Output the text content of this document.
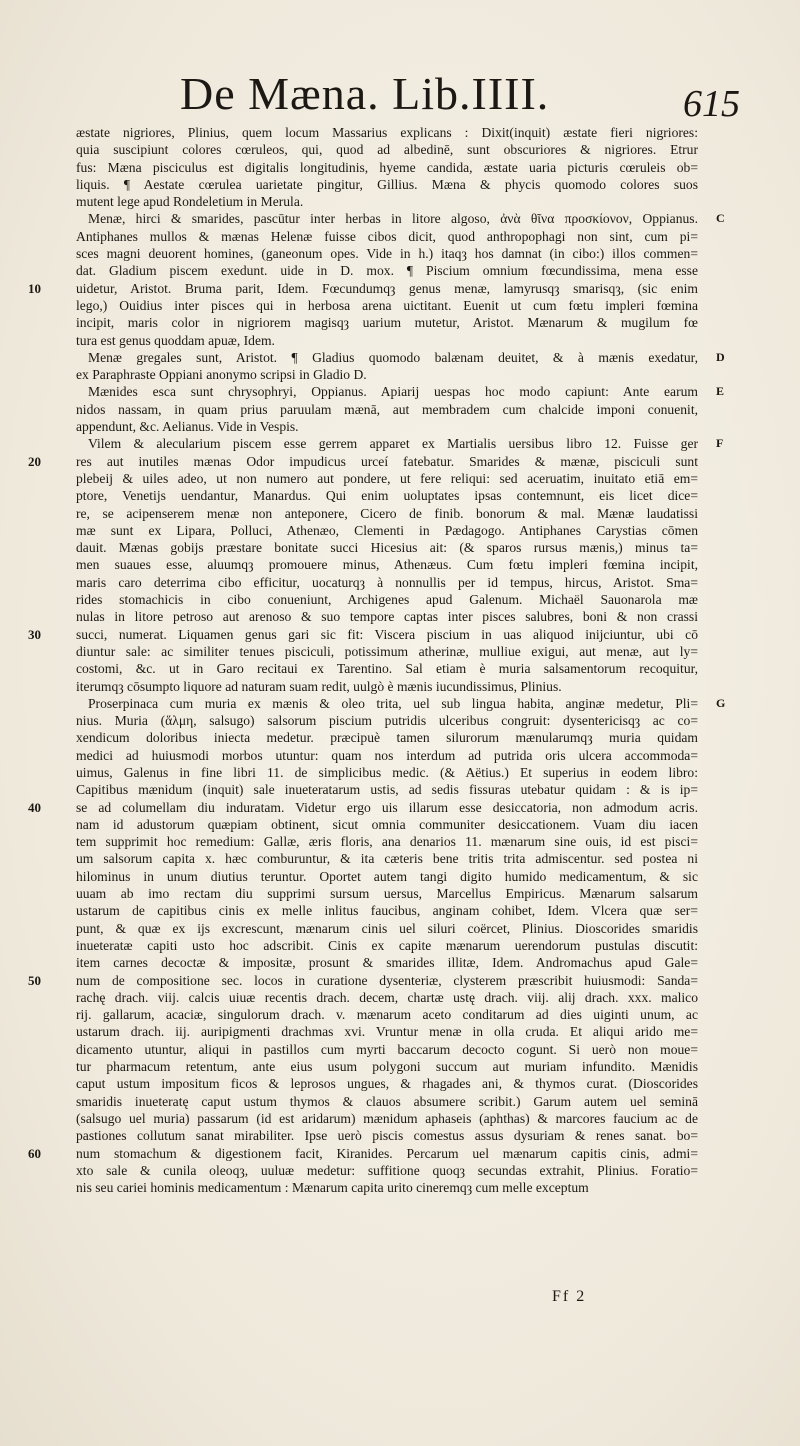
De Mæna. Lib.IIII.	615
æstate nigriores, Plinius, quem locum Massarius explicans : Dixit(inquit) æstate fieri nigriores:
quia suscipiunt colores cœruleos, qui, quod ad albedinē, sunt obscuriores & nigriores. Etrur
fus: Mæna pisciculus est digitalis longitudinis, hyeme candida, æstate uaria picturis cœruleis ob=
liquis. ¶ Aestate cœrulea uarietate pingitur, Gillius. Mæna & phycis quomodo colores suos
mutent lege apud Rondeletium in Merula.
Menæ, hirci & smarides, pascūtur inter herbas in litore algoso, ἀνὰ θῖνα προσκίονον, Oppianus. C
Antiphanes mullos & mænas Helenæ fuisse cibos dicit, quod anthropophagi non sint, cum pi=
sces magni deuorent homines, (ganeonum opes. Vide in h.) itaqȝ hos damnat (in cibo:) illos commen=
dat. Gladium piscem exedunt. uide in D. mox. ¶ Piscium omnium fœcundissima, mena esse
uidetur, Aristot. Bruma parit, Idem. Fœcundumqȝ genus menæ, lamyrusqȝ smarisqȝ, (sic enim
10
lego,) Ouidius inter pisces qui in herbosa arena uictitant. Euenit ut cum fœtu impleri fœmina
incipit, maris color in nigriorem magisqȝ uarium mutetur, Aristot. Mænarum & mugilum fœ
tura est genus quoddam apuæ, Idem.
Menæ gregales sunt, Aristot. ¶ Gladius quomodo balænam deuitet, & à mænis exedatur, D
ex Paraphraste Oppiani anonymo scripsi in Gladio D.
Mænides esca sunt chrysophryi, Oppianus. Apiarij uespas hoc modo capiunt: Ante earum E
nidos nassam, in quam prius paruulam mænā, aut membradem cum chalcide imponi conuenit,
appendunt, &c. Aelianus. Vide in Vespis.
Vilem & alecularium piscem esse gerrem apparet ex Martialis uersibus libro 12. Fuisse ger F
res aut inutiles mænas Odor impudicus urceí fatebatur. Smarides & mænæ, pisciculi sunt
20
plebeij & uiles adeo, ut non numero aut pondere, ut fere reliqui: sed aceruatim, inuitato etiā em=
ptore, Venetijs uendantur, Manardus. Qui enim uoluptates ipsas contemnunt, eis licet dice=
re, se acipenserem menæ non anteponere, Cicero de finib. bonorum & mal. Mænæ laudatissi
mæ sunt ex Lipara, Polluci, Athenæo, Clementi in Pædagogo. Antiphanes Carystias cōmen
dauit. Mænas gobijs præstare bonitate succi Hicesius ait: (& sparos rursus mænis,) minus ta=
men suaues esse, aluumqȝ promouere minus, Athenæus. Cum fœtu impleri fœmina incipit,
maris caro deterrima cibo efficitur, uocaturqȝ à nonnullis per id tempus, hircus, Aristot. Sma=
rides stomachicis in cibo conueniunt, Archigenes apud Galenum. Michaël Sauonarola mæ
nulas in litore petroso aut arenoso & suo tempore captas inter pisces salubres, boni & non crassi
succi, numerat. Liquamen genus gari sic fit: Viscera piscium in uas aliquod inijciuntur, ubi cō
30
diuntur sale: ac similiter tenues pisciculi, potissimum atherinæ, mulliue exigui, aut menæ, aut ly=
costomi, &c. ut in Garo recitaui ex Tarentino. Sal etiam è muria salsamentorum recoquitur,
iterumqȝ cōsumpto liquore ad naturam suam redit, uulgò è mænis iucundissimus, Plinius.
Proserpinaca cum muria ex mænis & oleo trita, uel sub lingua habita, anginæ medetur, Pli= G
nius. Muria (ἅλμη, salsugo) salsorum piscium putridis ulceribus congruit: dysentericisqȝ ac co=
xendicum doloribus iniecta medetur. præcipuè tamen silurorum mænularumqȝ muria quidam
medici ad huiusmodi morbos utuntur: quam nos interdum ad putrida oris ulcera accommoda=
uimus, Galenus in fine libri 11. de simplicibus medic. (& Aëtius.) Et superius in eodem libro:
Capitibus mænidum (inquit) sale inueteratarum ustis, ad sedis fissuras utebatur quidam : & is ip=
se ad columellam diu induratam. Videtur ergo uis illarum esse desiccatoria, non admodum acris.
40
nam id adustorum quæpiam obtinent, sicut omnia communiter desiccationem. Vuam diu iacen
tem supprimit hoc remedium: Gallæ, æris floris, ana denarios 11. mænarum sine ouis, id est pisci=
um salsorum capita x. hæc comburuntur, & ita cæteris bene tritis trita admiscentur. sed postea ni
hilominus in unum diutius teruntur. Oportet autem tangi digito humido medicamentum, & sic
uuam ab imo rectam diu supprimi sursum uersus, Marcellus Empiricus. Mænarum salsarum
ustarum de capitibus cinis ex melle inlitus faucibus, anginam cohibet, Idem. Vlcera quæ ser=
punt, & quæ ex ijs excrescunt, mænarum cinis uel siluri coërcet, Plinius. Dioscorides smaridis
inueteratæ capiti usto hoc adscribit. Cinis ex capite mænarum uerendorum pustulas discutit:
item carnes decoctæ & impositæ, prosunt & smarides illitæ, Idem. Andromachus apud Gale=
num de compositione sec. locos in curatione dysenteriæ, clysterem præscribit huiusmodi: Sanda=
50
rachę drach. viij. calcis uiuæ recentis drach. decem, chartæ ustę drach. viij. alij drach. xxx. malico
rij. gallarum, acaciæ, singulorum drach. v. mænarum aceto conditarum ad dies uiginti unum, ac
ustarum drach. iij. auripigmenti drachmas xvi. Vruntur menæ in olla cruda. Et aliqui arido me=
dicamento utuntur, aliqui in pastillos cum myrti baccarum decocto cogunt. Si uerò non moue=
tur pharmacum retentum, ante eius usum polygoni succum aut muriam infundito. Mænidis
caput ustum impositum ficos & leprosos ungues, & rhagades ani, & thymos curat. (Dioscorides
smaridis inueteratę caput ustum thymos & clauos absumere scribit.) Garum autem uel seminā
(salsugo uel muria) passarum (id est aridarum) mænidum aphaseis (aphthas) & marcores faucium ac de
pastiones collutum sanat mirabiliter. Ipse uerò piscis comestus assus dysuriam & renes sanat. bo=
num stomachum & digestionem facit, Kiranides. Percarum uel mænarum capitis cinis, admi=
60
xto sale & cunila oleoqȝ, uuluæ medetur: suffitione quoqȝ secundas extrahit, Plinius. Foratio=
nis seu cariei hominis medicamentum : Mænarum capita urito cineremqȝ cum melle exceptum
Ff 2
